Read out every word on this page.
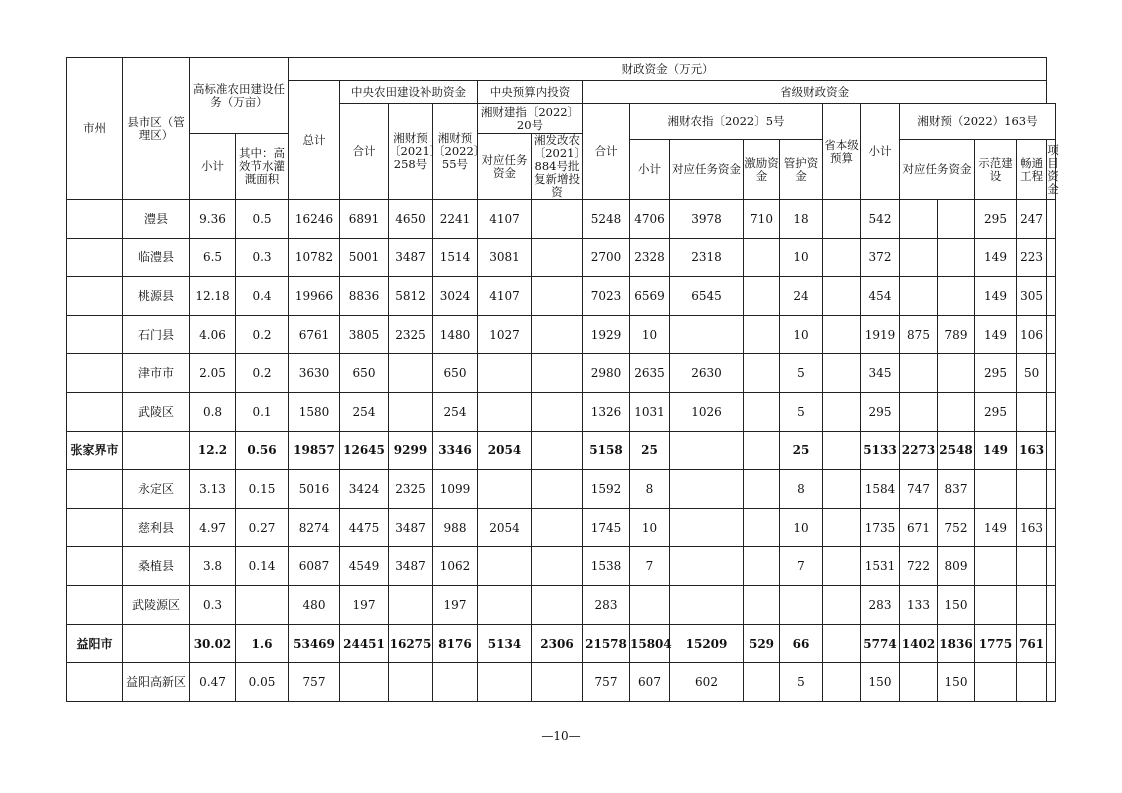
市州	县市区（管理区）	高标准农田建设任务（万亩）		财政资金（万元）																	
				总计	中央农田建设补助资金			中央预算内投资		省级财政资金											
					合计	湘财预〔2021〕258号	湘财预〔2022〕55号	湘财建指〔2022〕20号		合计	湘财农指〔2022〕5号				省本级预算	小计	湘财预（2022）163号				
		小计	其中：高效节水灌溉面积					对应任务资金	湘发改农〔2021〕884号批复新增投资												
											小计	对应任务资金	激励资金	管护资金			对应任务资金		示范建设	畅通工程	项目资金
	澧县	9.36	0.5	16246	6891	4650	2241	4107		5248	4706	3978	710	18		542			295	247	
	临澧县	6.5	0.3	10782	5001	3487	1514	3081		2700	2328	2318		10		372			149	223	
	桃源县	12.18	0.4	19966	8836	5812	3024	4107		7023	6569	6545		24		454			149	305	
	石门县	4.06	0.2	6761	3805	2325	1480	1027		1929	10			10		1919	875	789	149	106	
	津市市	2.05	0.2	3630	650		650			2980	2635	2630		5		345			295	50	
	武陵区	0.8	0.1	1580	254		254			1326	1031	1026		5		295			295		
张家界市		12.2	0.56	19857	12645	9299	3346	2054		5158	25			25		5133	2273	2548	149	163	
	永定区	3.13	0.15	5016	3424	2325	1099			1592	8			8		1584	747	837			
	慈利县	4.97	0.27	8274	4475	3487	988	2054		1745	10			10		1735	671	752	149	163	
	桑植县	3.8	0.14	6087	4549	3487	1062			1538	7			7		1531	722	809			
	武陵源区	0.3		480	197		197			283						283	133	150			
益阳市		30.02	1.6	53469	24451	16275	8176	5134	2306	21578	15804	15209	529	66		5774	1402	1836	1775	761	
	益阳高新区	0.47	0.05	757						757	607	602		5		150		150			
—10—
